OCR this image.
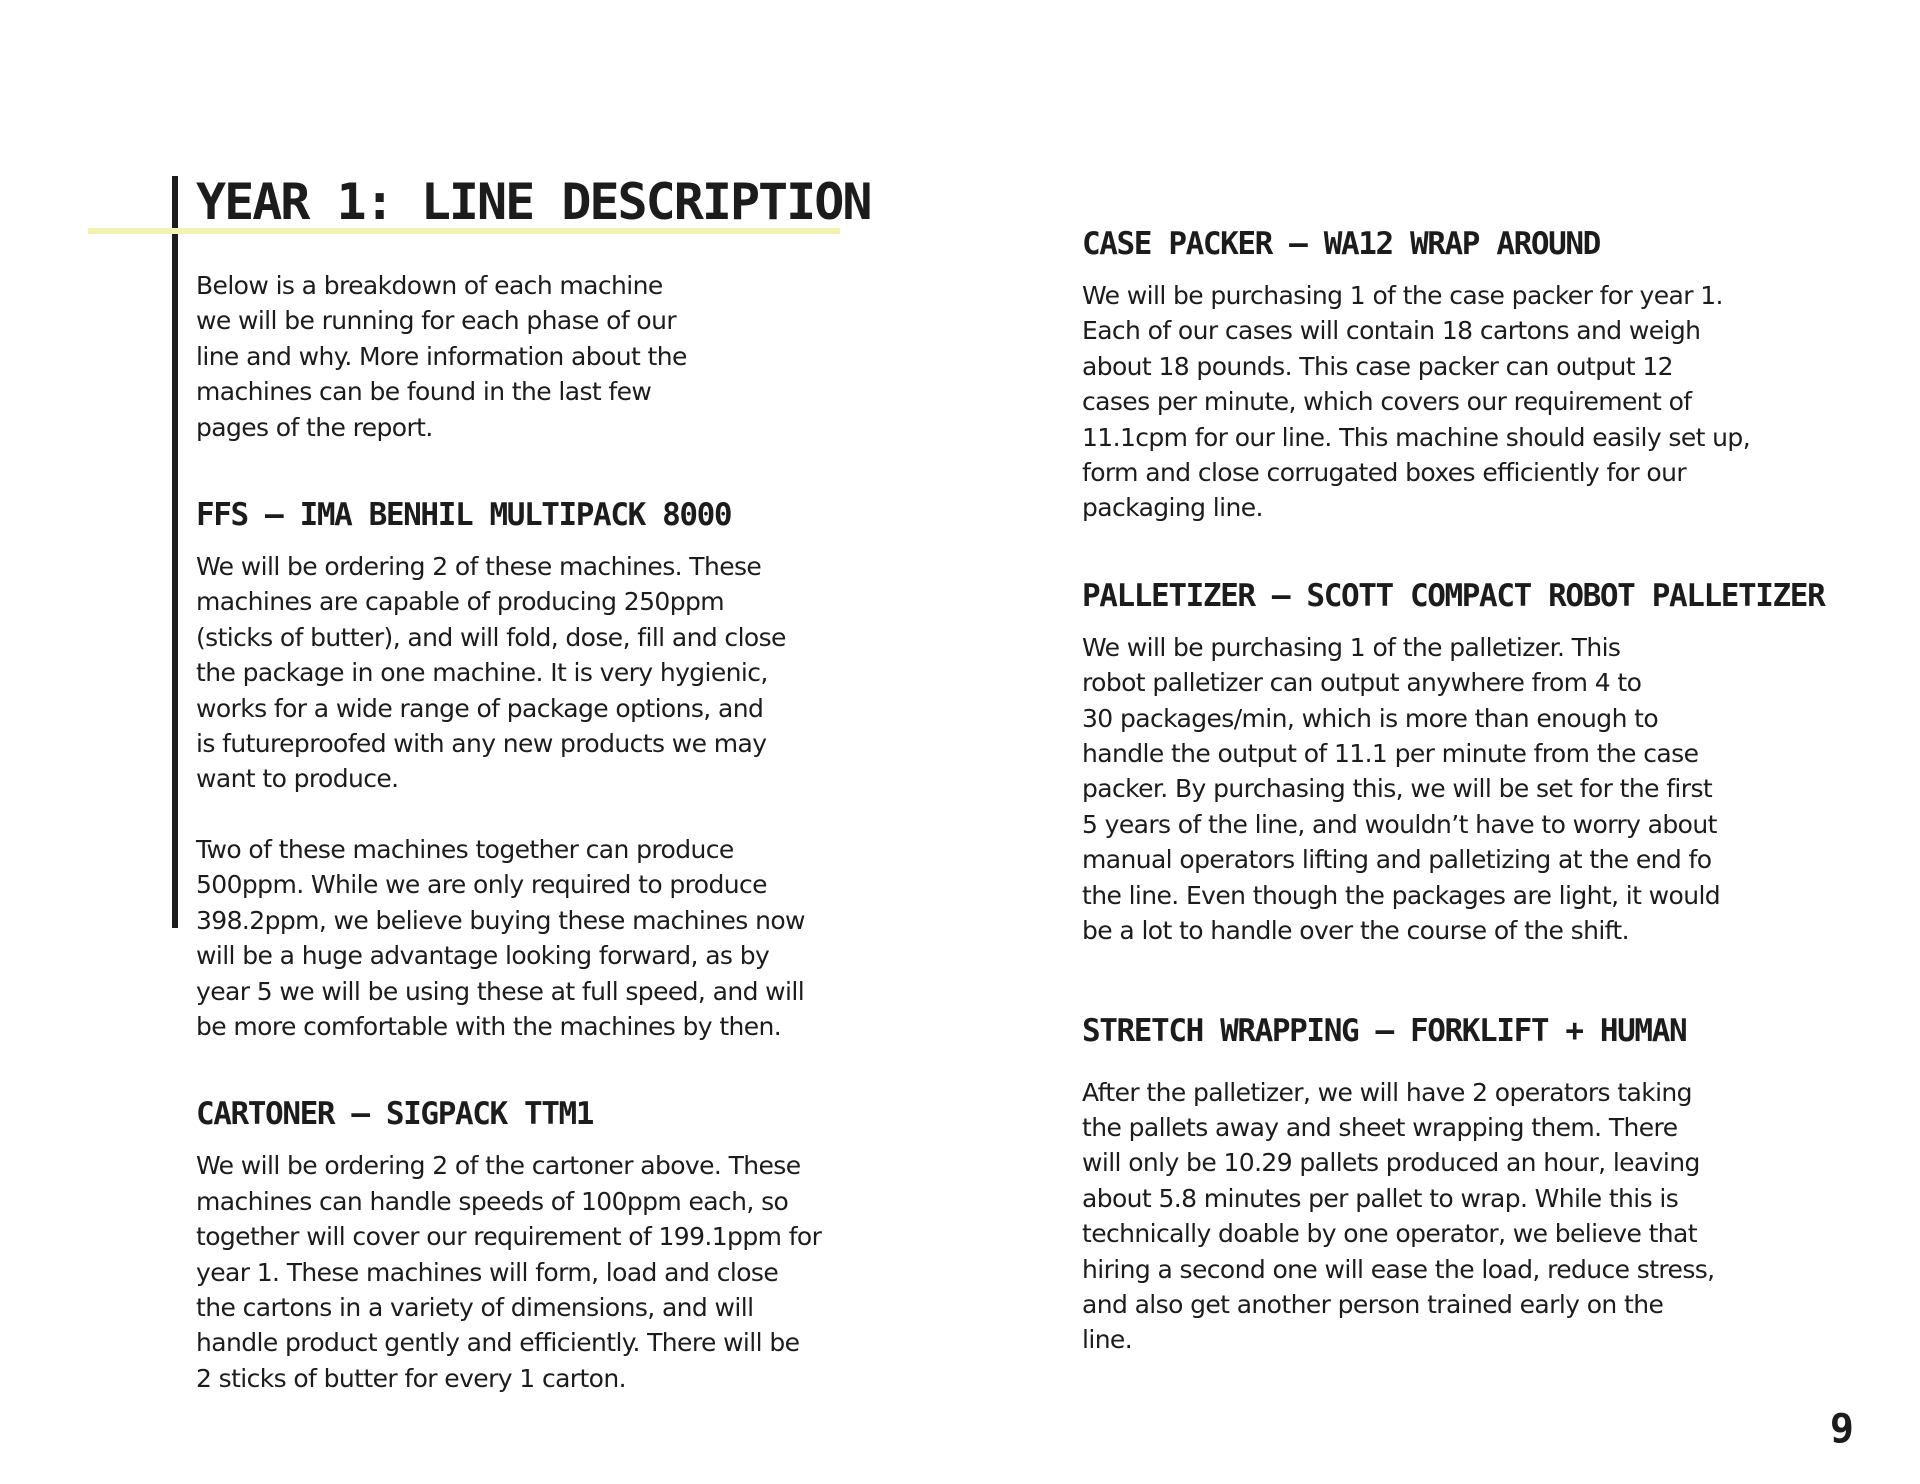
YEAR 1: LINE DESCRIPTION

Below is a breakdown of each machine
we will be running for each phase of our
line and why. More information about the
machines can be found in the last few
pages of the report.

FFS – IMA BENHIL MULTIPACK 8000

We will be ordering 2 of these machines. These
machines are capable of producing 250ppm
(sticks of butter), and will fold, dose, fill and close
the package in one machine. It is very hygienic,
works for a wide range of package options, and
is futureproofed with any new products we may
want to produce.

Two of these machines together can produce
500ppm. While we are only required to produce
398.2ppm, we believe buying these machines now
will be a huge advantage looking forward, as by
year 5 we will be using these at full speed, and will
be more comfortable with the machines by then.

CARTONER – SIGPACK TTM1

We will be ordering 2 of the cartoner above. These
machines can handle speeds of 100ppm each, so
together will cover our requirement of 199.1ppm for
year 1. These machines will form, load and close
the cartons in a variety of dimensions, and will
handle product gently and efficiently. There will be
2 sticks of butter for every 1 carton.

CASE PACKER – WA12 WRAP AROUND

We will be purchasing 1 of the case packer for year 1.
Each of our cases will contain 18 cartons and weigh
about 18 pounds. This case packer can output 12
cases per minute, which covers our requirement of
11.1cpm for our line. This machine should easily set up,
form and close corrugated boxes efficiently for our
packaging line.

PALLETIZER – SCOTT COMPACT ROBOT PALLETIZER

We will be purchasing 1 of the palletizer. This
robot palletizer can output anywhere from 4 to
30 packages/min, which is more than enough to
handle the output of 11.1 per minute from the case
packer. By purchasing this, we will be set for the first
5 years of the line, and wouldn’t have to worry about
manual operators lifting and palletizing at the end fo
the line. Even though the packages are light, it would
be a lot to handle over the course of the shift.

STRETCH WRAPPING – FORKLIFT + HUMAN

After the palletizer, we will have 2 operators taking
the pallets away and sheet wrapping them. There
will only be 10.29 pallets produced an hour, leaving
about 5.8 minutes per pallet to wrap. While this is
technically doable by one operator, we believe that
hiring a second one will ease the load, reduce stress,
and also get another person trained early on the
line.

9
